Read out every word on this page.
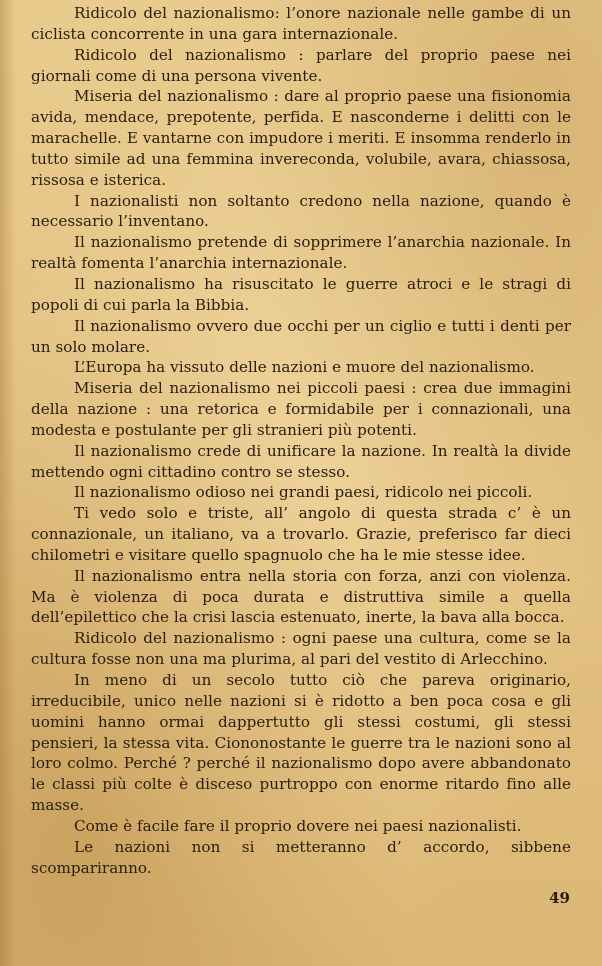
Ridicolo del nazionalismo: l’onore nazionale nelle gambe di un ciclista concorrente in una gara internazionale.

Ridicolo del nazionalismo : parlare del proprio paese nei giornali come di una persona vivente.

Miseria del nazionalismo : dare al proprio paese una fisionomia avida, mendace, prepotente, perfida. E nasconderne i delitti con le marachelle. E vantarne con impudore i meriti. E insomma renderlo in tutto simile ad una femmina invereconda, volubile, avara, chiassosa, rissosa e isterica.

I nazionalisti non soltanto credono nella nazione, quando è necessario l’inventano.

Il nazionalismo pretende di sopprimere l’anarchia nazionale. In realtà fomenta l’anarchia internazionale.

Il nazionalismo ha risuscitato le guerre atroci e le stragi di popoli di cui parla la Bibbia.

Il nazionalismo ovvero due occhi per un ciglio e tutti i denti per un solo molare.

L’Europa ha vissuto delle nazioni e muore del nazionalismo.

Miseria del nazionalismo nei piccoli paesi : crea due immagini della nazione : una retorica e formidabile per i connazionali, una modesta e postulante per gli stranieri più potenti.

Il nazionalismo crede di unificare la nazione. In realtà la divide mettendo ogni cittadino contro se stesso.

Il nazionalismo odioso nei grandi paesi, ridicolo nei piccoli.

Ti vedo solo e triste, all’ angolo di questa strada c’ è un connazionale, un italiano, va a trovarlo. Grazie, preferisco far dieci chilometri e visitare quello spagnuolo che ha le mie stesse idee.

Il nazionalismo entra nella storia con forza, anzi con violenza. Ma è violenza di poca durata e distruttiva simile a quella dell’epilettico che la crisi lascia estenuato, inerte, la bava alla bocca.

Ridicolo del nazionalismo : ogni paese una cultura, come se la cultura fosse non una ma plurima, al pari del vestito di Arlecchino.

In meno di un secolo tutto ciò che pareva originario, irreducibile, unico nelle nazioni si è ridotto a ben poca cosa e gli uomini hanno ormai dappertutto gli stessi costumi, gli stessi pensieri, la stessa vita. Ciononostante le guerre tra le nazioni sono al loro colmo. Perché ? perché il nazionalismo dopo avere abbandonato le classi più colte è disceso purtroppo con enorme ritardo fino alle masse.

Come è facile fare il proprio dovere nei paesi nazionalisti.

Le nazioni non si metteranno d’ accordo, sibbene scompariranno.

49
